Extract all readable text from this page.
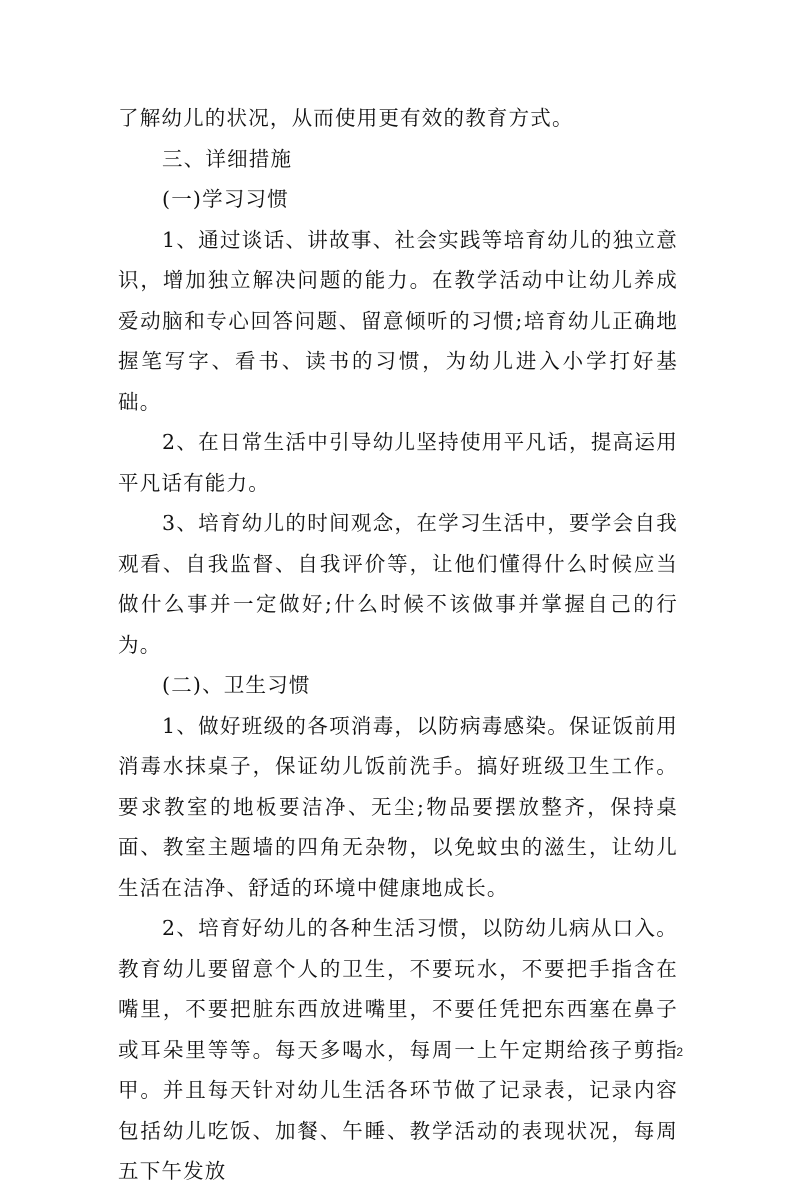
了解幼儿的状况，从而使用更有效的教育方式。

三、详细措施

(一)学习习惯

1、通过谈话、讲故事、社会实践等培育幼儿的独立意识，增加独立解决问题的能力。在教学活动中让幼儿养成爱动脑和专心回答问题、留意倾听的习惯;培育幼儿正确地握笔写字、看书、读书的习惯，为幼儿进入小学打好基础。

2、在日常生活中引导幼儿坚持使用平凡话，提高运用平凡话有能力。

3、培育幼儿的时间观念，在学习生活中，要学会自我观看、自我监督、自我评价等，让他们懂得什么时候应当做什么事并一定做好;什么时候不该做事并掌握自己的行为。

(二)、卫生习惯

1、做好班级的各项消毒，以防病毒感染。保证饭前用消毒水抹桌子，保证幼儿饭前洗手。搞好班级卫生工作。要求教室的地板要洁净、无尘;物品要摆放整齐，保持桌面、教室主题墙的四角无杂物，以免蚊虫的滋生，让幼儿生活在洁净、舒适的环境中健康地成长。

2、培育好幼儿的各种生活习惯，以防幼儿病从口入。教育幼儿要留意个人的卫生，不要玩水，不要把手指含在嘴里，不要把脏东西放进嘴里，不要任凭把东西塞在鼻子或耳朵里等等。每天多喝水，每周一上午定期给孩子剪指甲。并且每天针对幼儿生活各环节做了记录表，记录内容包括幼儿吃饭、加餐、午睡、教学活动的表现状况，每周五下午发放

2
